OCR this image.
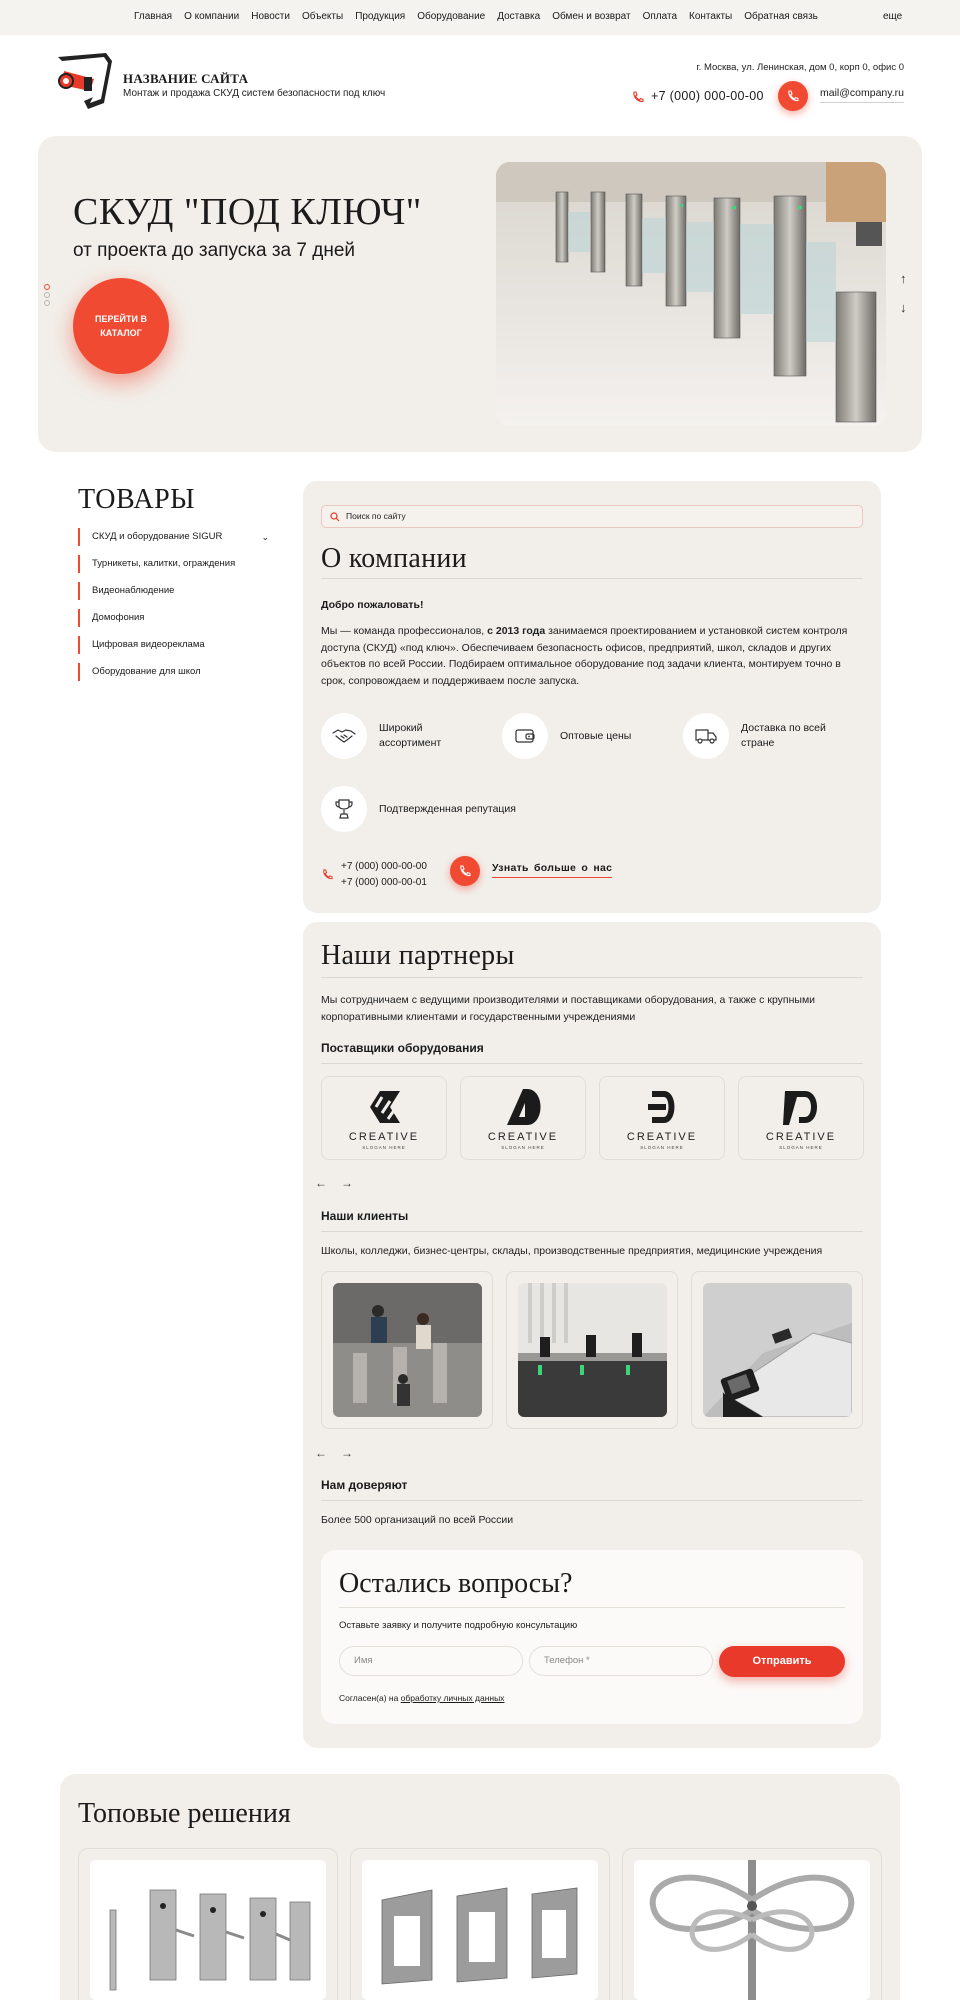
Главная О компании Новости Объекты Продукция Оборудование Доставка Обмен и возврат Оплата Контакты Обратная связь	еще
НАЗВАНИЕ САЙТА
Монтаж и продажа СКУД систем безопасности под ключ
г. Москва, ул. Ленинская, дом 0, корп 0, офис 0
+7 (000) 000-00-00	mail@company.ru
СКУД "ПОД КЛЮЧ"
от проекта до запуска за 7 дней
ПЕРЕЙТИ В КАТАЛОГ
↑
↓
ТОВАРЫ
СКУД и оборудование SIGUR	⌄
Турникеты, калитки, ограждения
Видеонаблюдение
Домофония
Цифровая видеореклама
Оборудование для школ
Поиск по сайту
О компании
Добро пожаловать!
Мы — команда профессионалов, с 2013 года занимаемся проектированием и установкой систем контроля доступа (СКУД) «под ключ». Обеспечиваем безопасность офисов, предприятий, школ, складов и других объектов по всей России. Подбираем оптимальное оборудование под задачи клиента, монтируем точно в срок, сопровождаем и поддерживаем после запуска.
Широкий ассортимент
Оптовые цены
Доставка по всей стране
Подтвержденная репутация
+7 (000) 000-00-00
+7 (000) 000-00-01
Узнать больше о нас
Наши партнеры
Мы сотрудничаем с ведущими производителями и поставщиками оборудования, а также с крупными корпоративными клиентами и государственными учреждениями
Поставщики оборудования
CREATIVE
SLOGAN HERE
CREATIVE
SLOGAN HERE
CREATIVE
SLOGAN HERE
CREATIVE
SLOGAN HERE
← →
Наши клиенты
Школы, колледжи, бизнес-центры, склады, производственные предприятия, медицинские учреждения
← →
Нам доверяют
Более 500 организаций по всей России
Остались вопросы?
Оставьте заявку и получите подробную консультацию
Имя	Телефон *	Отправить
Согласен(а) на обработку личных данных
Топовые решения
